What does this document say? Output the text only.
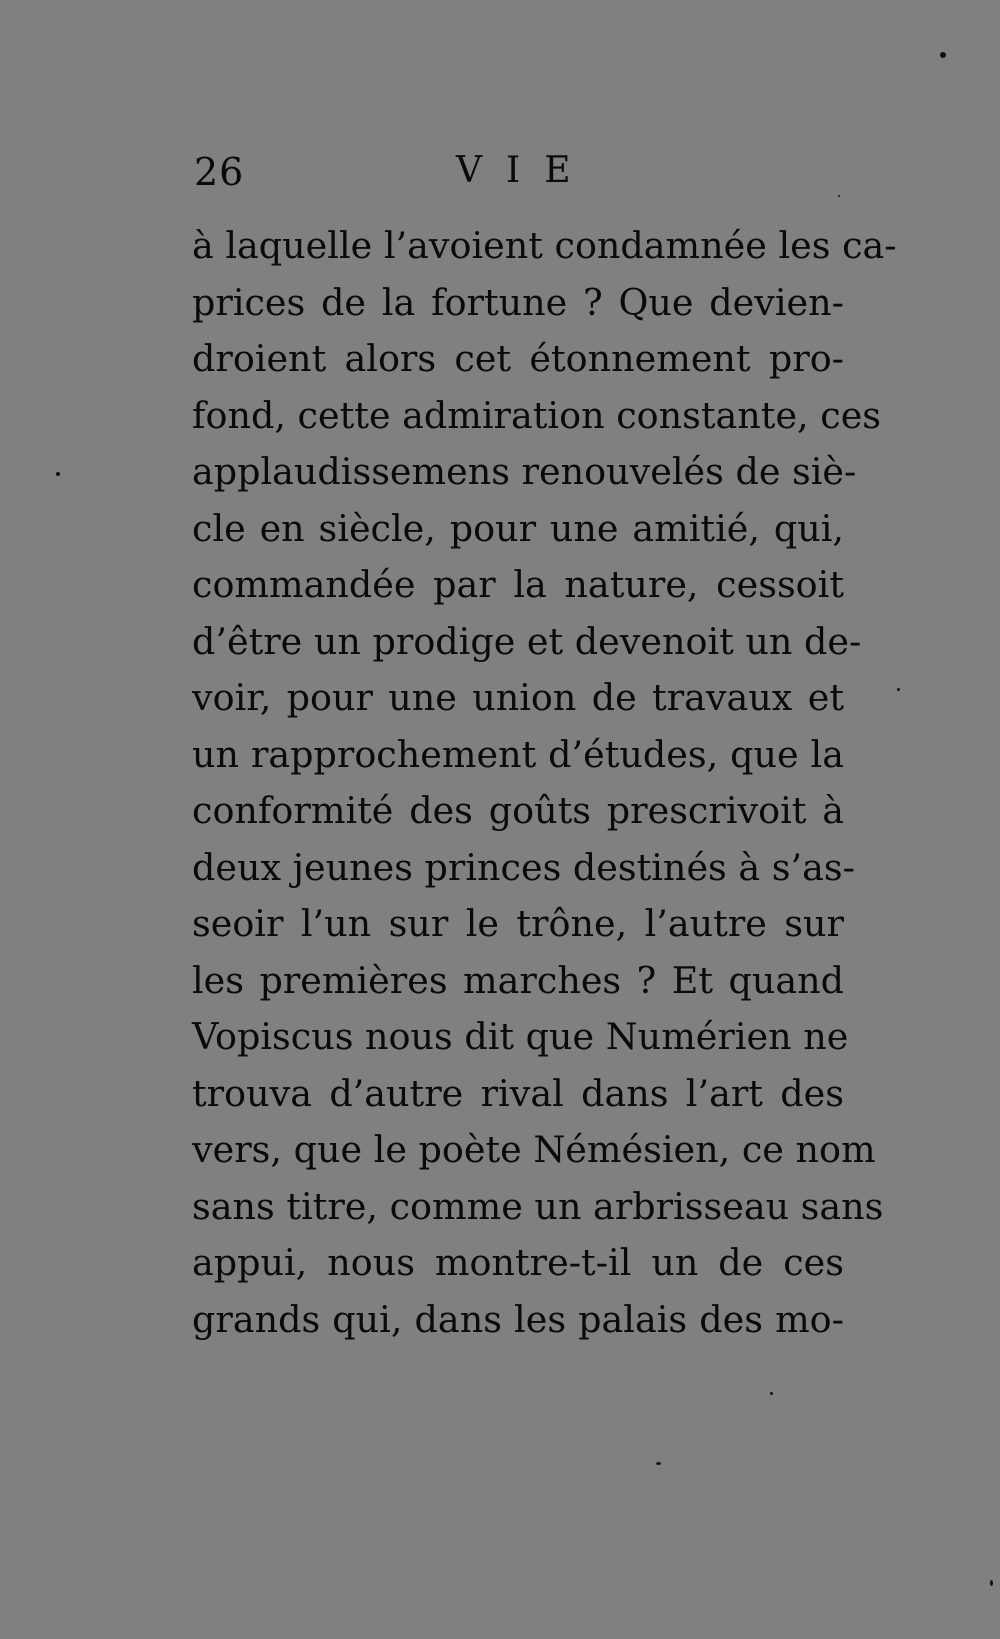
26	VIE
à laquelle l’avoient condamnée les ca-
prices de la fortune ? Que devien-
droient alors cet étonnement pro-
fond, cette admiration constante, ces
applaudissemens renouvelés de siè-
cle en siècle, pour une amitié, qui,
commandée par la nature, cessoit
d’être un prodige et devenoit un de-
voir, pour une union de travaux et
un rapprochement d’études, que la
conformité des goûts prescrivoit à
deux jeunes princes destinés à s’as-
seoir l’un sur le trône, l’autre sur
les premières marches ? Et quand
Vopiscus nous dit que Numérien ne
trouva d’autre rival dans l’art des
vers, que le poète Némésien, ce nom
sans titre, comme un arbrisseau sans
appui, nous montre-t-il un de ces
grands qui, dans les palais des mo-
